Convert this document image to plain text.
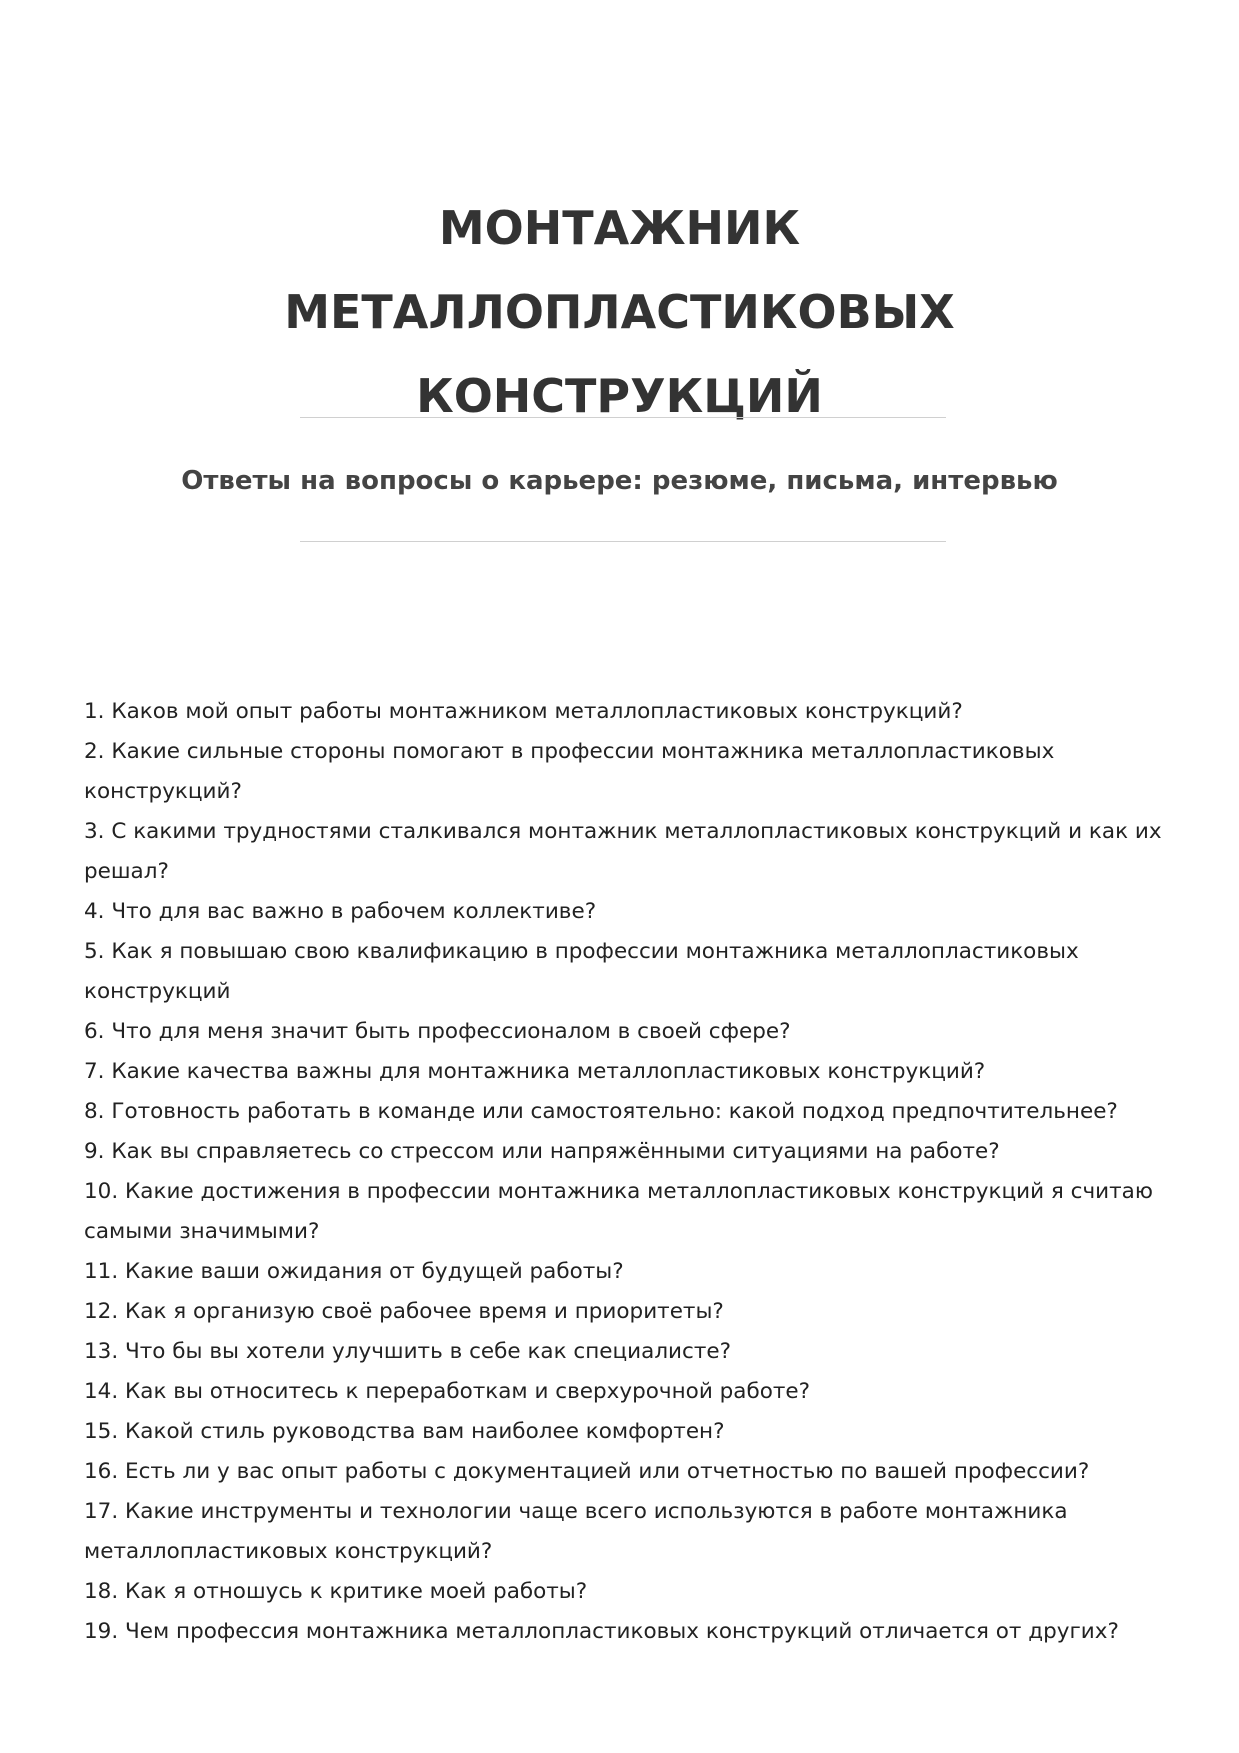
МОНТАЖНИК МЕТАЛЛОПЛАСТИКОВЫХ
КОНСТРУКЦИЙ
Ответы на вопросы о карьере: резюме, письма, интервью
1. Каков мой опыт работы монтажником металлопластиковых конструкций?
2. Какие сильные стороны помогают в профессии монтажника металлопластиковых конструкций?
3. С какими трудностями сталкивался монтажник металлопластиковых конструкций и как их решал?
4. Что для вас важно в рабочем коллективе?
5. Как я повышаю свою квалификацию в профессии монтажника металлопластиковых конструкций
6. Что для меня значит быть профессионалом в своей сфере?
7. Какие качества важны для монтажника металлопластиковых конструкций?
8. Готовность работать в команде или самостоятельно: какой подход предпочтительнее?
9. Как вы справляетесь со стрессом или напряжёнными ситуациями на работе?
10. Какие достижения в профессии монтажника металлопластиковых конструкций я считаю самыми значимыми?
11. Какие ваши ожидания от будущей работы?
12. Как я организую своё рабочее время и приоритеты?
13. Что бы вы хотели улучшить в себе как специалисте?
14. Как вы относитесь к переработкам и сверхурочной работе?
15. Какой стиль руководства вам наиболее комфортен?
16. Есть ли у вас опыт работы с документацией или отчетностью по вашей профессии?
17. Какие инструменты и технологии чаще всего используются в работе монтажника металлопластиковых конструкций?
18. Как я отношусь к критике моей работы?
19. Чем профессия монтажника металлопластиковых конструкций отличается от других?
